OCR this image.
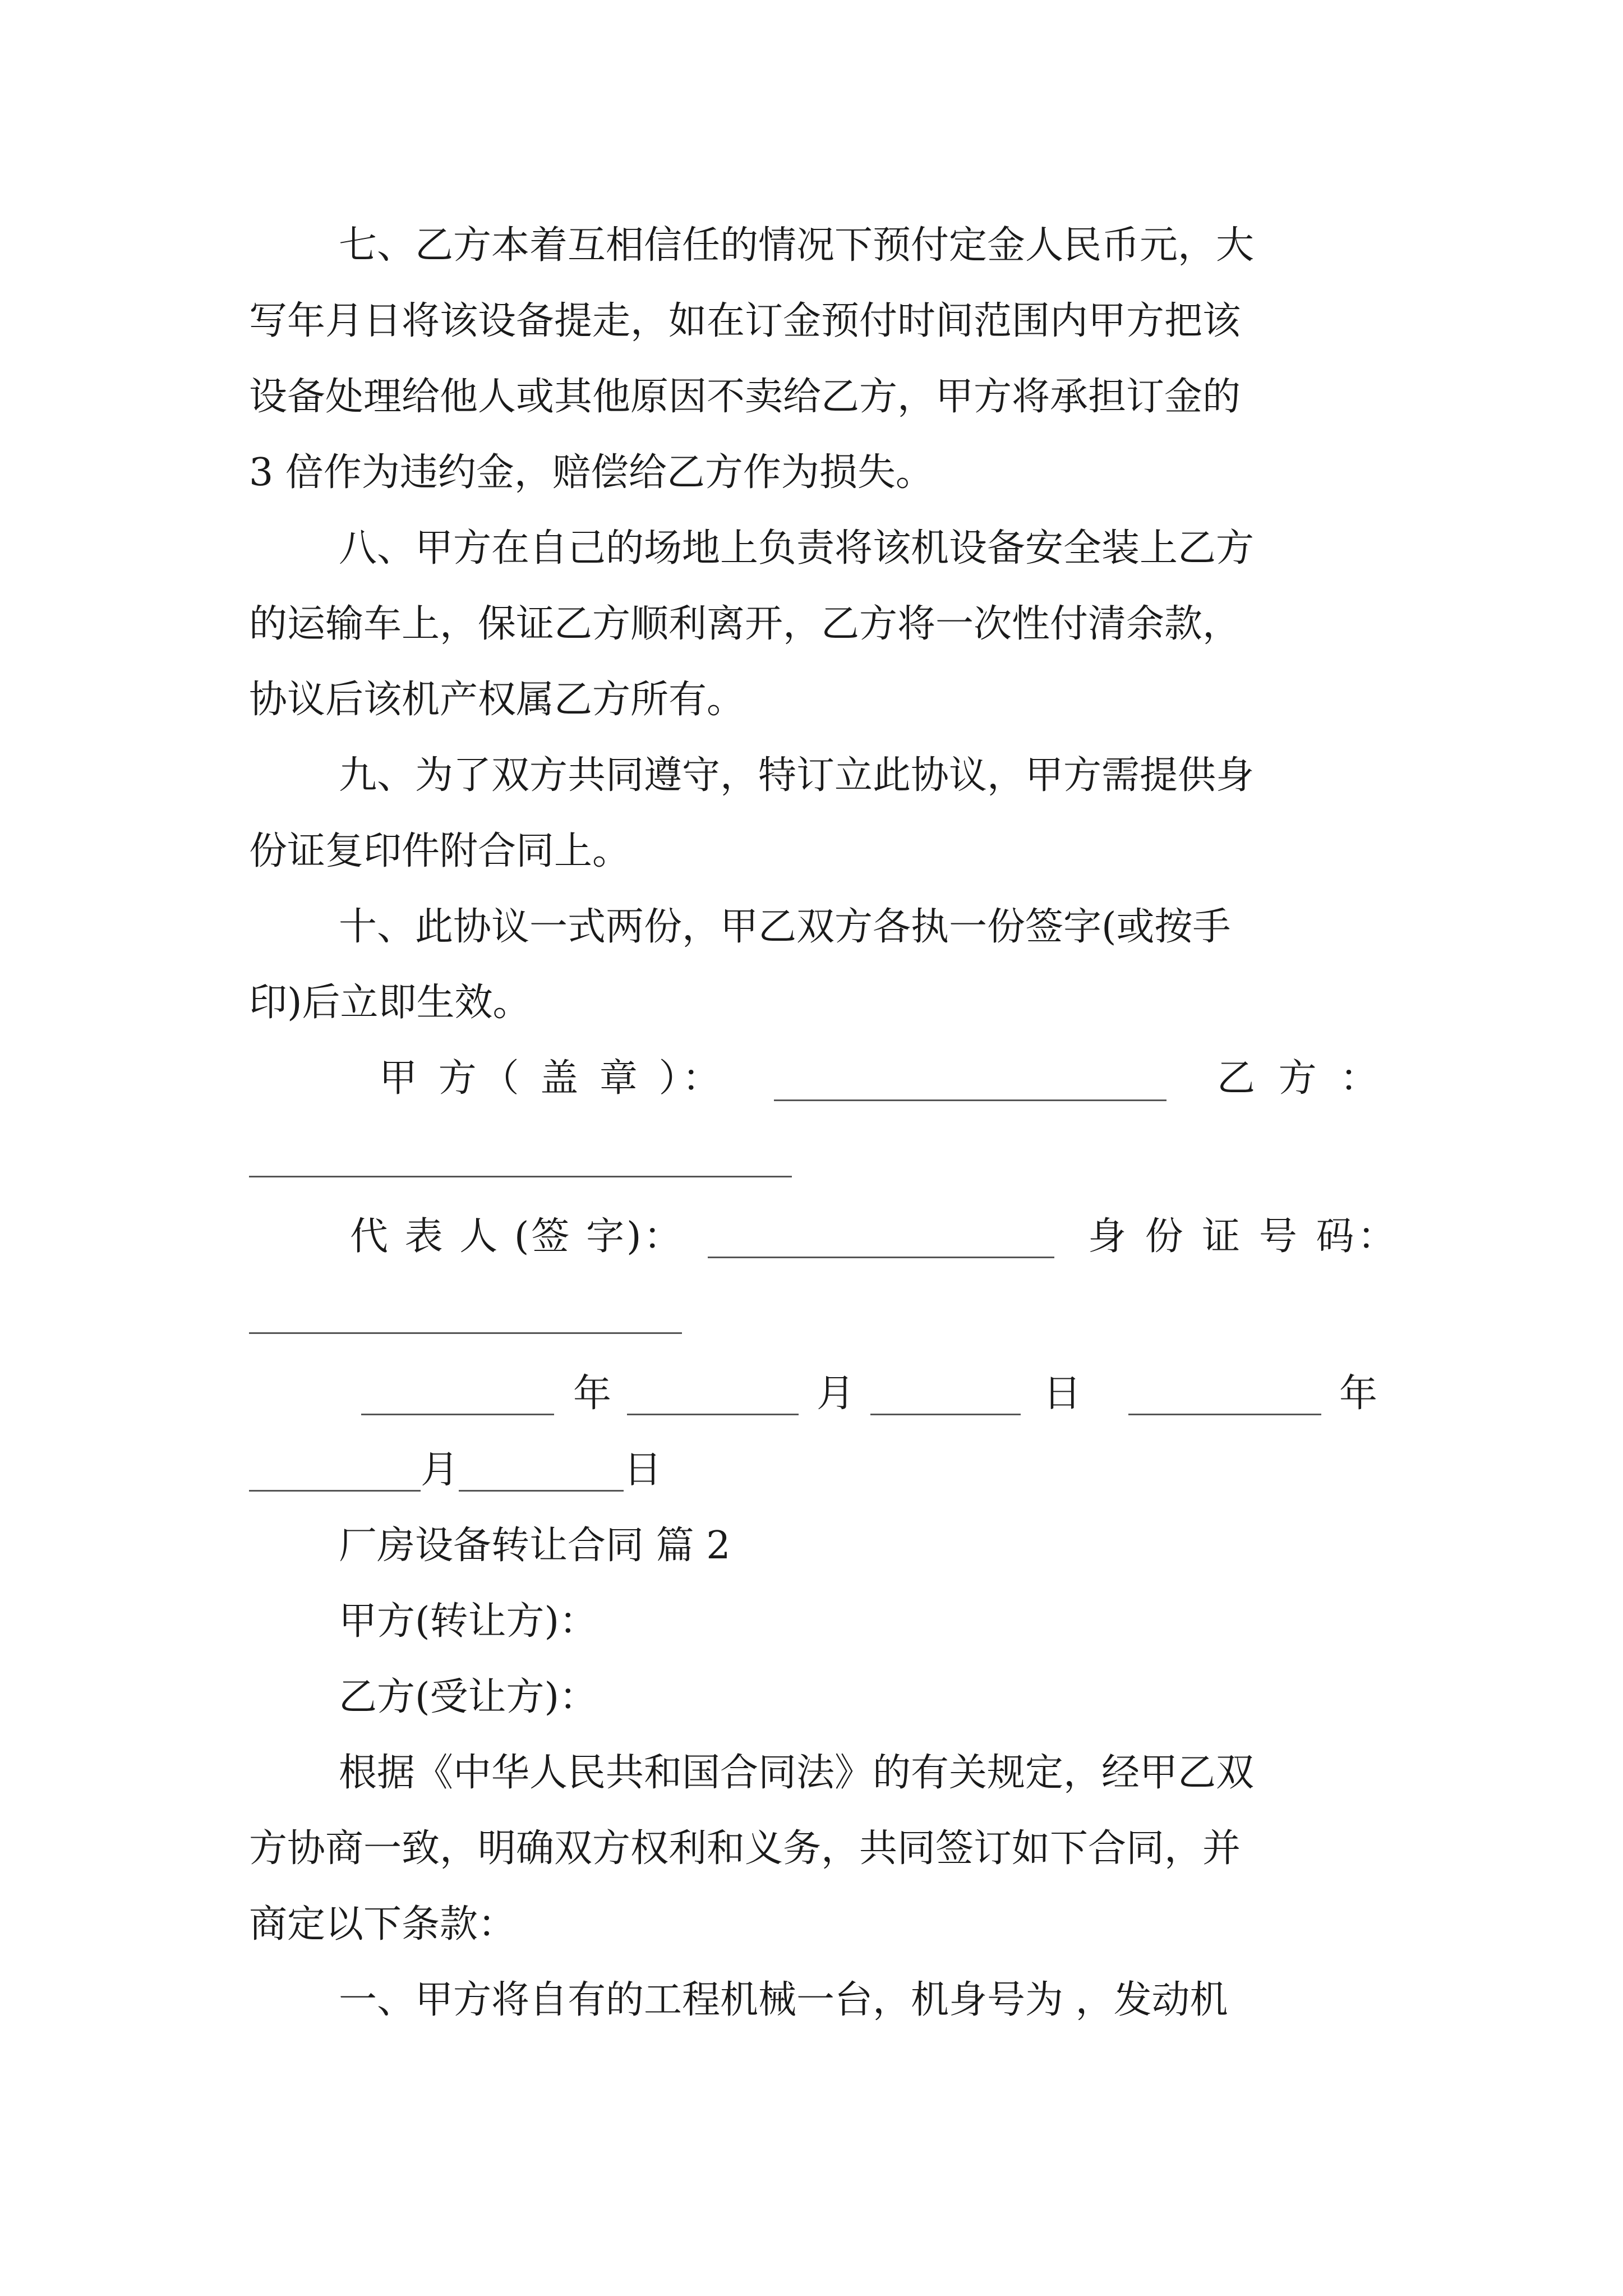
七、乙方本着互相信任的情况下预付定金人民币元，大
写年月日将该设备提走，如在订金预付时间范围内甲方把该
设备处理给他人或其他原因不卖给乙方，甲方将承担订金的
3 倍作为违约金，赔偿给乙方作为损失。
八、甲方在自己的场地上负责将该机设备安全装上乙方
的运输车上，保证乙方顺利离开，乙方将一次性付清余款，
协议后该机产权属乙方所有。
九、为了双方共同遵守，特订立此协议，甲方需提供身
份证复印件附合同上。
十、此协议一式两份，甲乙双方各执一份签字(或按手
印)后立即生效。
甲 方（ 盖 章 ）：	乙 方 ：
代 表 人 (签 字)：	身 份 证 号 码：
年	月	日	年
月	日
厂房设备转让合同 篇 2
甲方(转让方)：
乙方(受让方)：
根据《中华人民共和国合同法》的有关规定，经甲乙双
方协商一致，明确双方权利和义务，共同签订如下合同，并
商定以下条款：
一、甲方将自有的工程机械一台，机身号为 ，发动机
